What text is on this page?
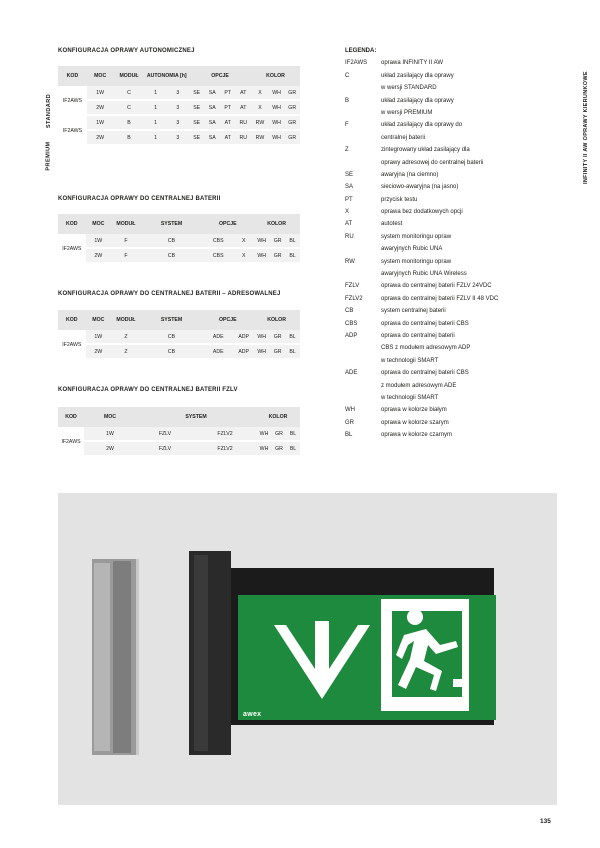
INFINITY II AW OPRAWY KIERUNKOWE
KONFIGURACJA OPRAWY AUTONOMICZNEJ
STANDARD
PREMIUM
KOD	MOC	MODUŁ	AUTONOMIA [h]		OPCJE				KOLOR		
IF2AWS	1W	C	1	3	SE	SA	PT	AT	X	WH	GR
	2W	C	1	3	SE	SA	PT	AT	X	WH	GR
IF2AWS	1W	B	1	3	SE	SA	AT	RU	RW	WH	GR
	2W	B	1	3	SE	SA	AT	RU	RW	WH	GR
KONFIGURACJA OPRAWY DO CENTRALNEJ BATERII
KOD	MOC	MODUŁ	SYSTEM	OPCJE		KOLOR		
IF2AWS	1W	F	CB	CBS	X	WH	GR	BL
	2W	F	CB	CBS	X	WH	GR	BL
KONFIGURACJA OPRAWY DO CENTRALNEJ BATERII – ADRESOWALNEJ
KOD	MOC	MODUŁ	SYSTEM	OPCJE		KOLOR		
IF2AWS	1W	Z	CB	ADE	ADP	WH	GR	BL
	2W	Z	CB	ADE	ADP	WH	GR	BL
KONFIGURACJA OPRAWY DO CENTRALNEJ BATERII FZLV
KOD	MOC	SYSTEM		KOLOR		
IF2AWS	1W	FZLV	FZLV2	WH	GR	BL
	2W	FZLV	FZLV2	WH	GR	BL
LEGENDA:
IF2AWS oprawa INFINITY II AW
C	układ zasilający dla oprawy
w wersji STANDARD
B	układ zasilający dla oprawy
w wersji PREMIUM
F	układ zasilający dla oprawy do
centralnej baterii
Z	zintegrowany układ zasilający dla
oprawy adresowej do centralnej baterii
SE	awaryjna (na ciemno)
SA	sieciowo-awaryjna (na jasno)
PT	przycisk testu
X	oprawa bez dodatkowych opcji
AT	autotest
RU	system monitoringu opraw
awaryjnych Rubic UNA
RW	system monitoringu opraw
awaryjnych Rubic UNA Wireless
FZLV	oprawa do centralnej baterii FZLV 24VDC
FZLV2	oprawa do centralnej baterii FZLV II 48 VDC
CB	system centralnej baterii
CBS	oprawa do centralnej baterii CBS
ADP	oprawa do centralnej baterii
CBS z modułem adresowym ADP
w technologii SMART
ADE	oprawa do centralnej baterii CBS
z modułem adresowym ADE
w technologii SMART
WH	oprawa w kolorze białym
GR	oprawa w kolorze szarym
BL	oprawa w kolorze czarnym
awex
135
